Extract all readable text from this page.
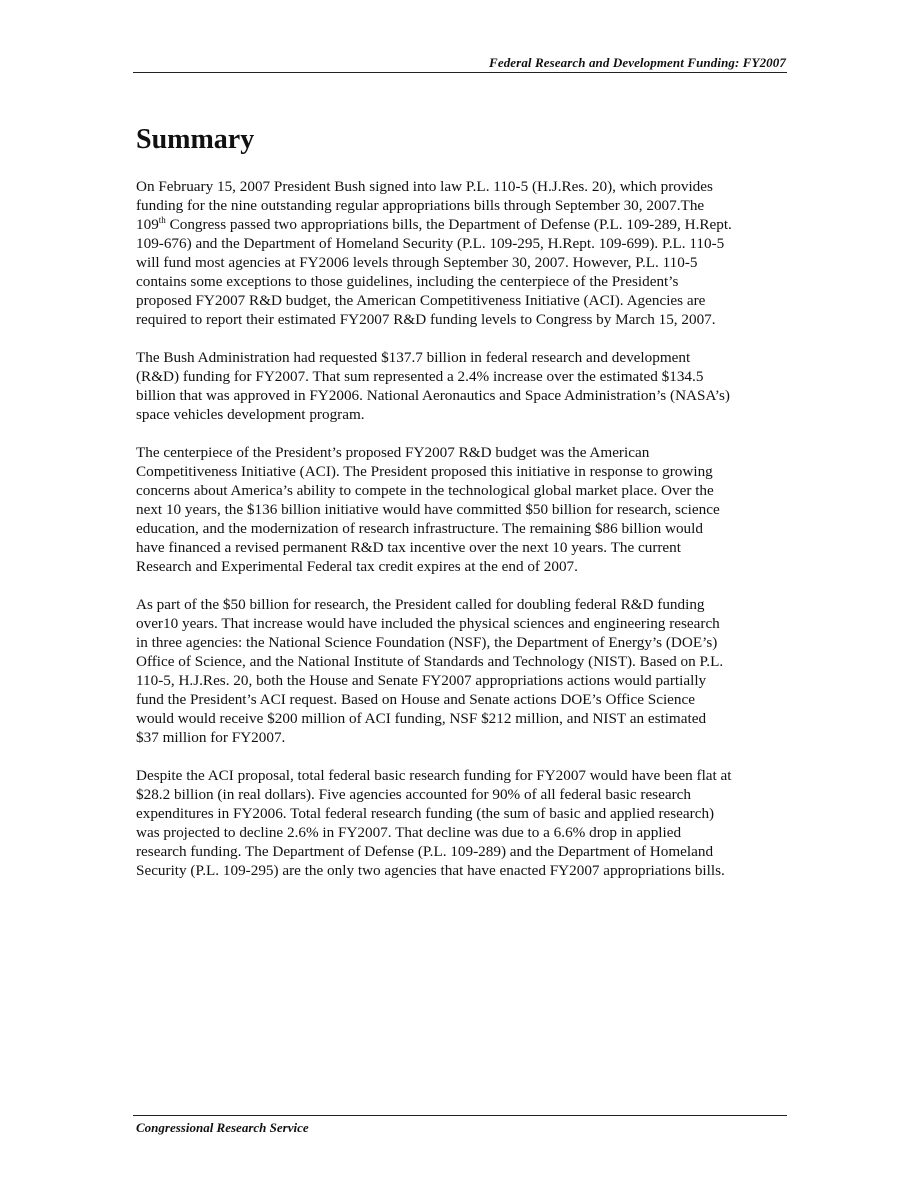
Federal Research and Development Funding: FY2007
Summary

On February 15, 2007 President Bush signed into law P.L. 110-5 (H.J.Res. 20), which provides
funding for the nine outstanding regular appropriations bills through September 30, 2007.The
109th Congress passed two appropriations bills, the Department of Defense (P.L. 109-289, H.Rept.
109-676) and the Department of Homeland Security (P.L. 109-295, H.Rept. 109-699). P.L. 110-5
will fund most agencies at FY2006 levels through September 30, 2007. However, P.L. 110-5
contains some exceptions to those guidelines, including the centerpiece of the President’s
proposed FY2007 R&D budget, the American Competitiveness Initiative (ACI). Agencies are
required to report their estimated FY2007 R&D funding levels to Congress by March 15, 2007.

The Bush Administration had requested $137.7 billion in federal research and development
(R&D) funding for FY2007. That sum represented a 2.4% increase over the estimated $134.5
billion that was approved in FY2006. National Aeronautics and Space Administration’s (NASA’s)
space vehicles development program.

The centerpiece of the President’s proposed FY2007 R&D budget was the American
Competitiveness Initiative (ACI). The President proposed this initiative in response to growing
concerns about America’s ability to compete in the technological global market place. Over the
next 10 years, the $136 billion initiative would have committed $50 billion for research, science
education, and the modernization of research infrastructure. The remaining $86 billion would
have financed a revised permanent R&D tax incentive over the next 10 years. The current
Research and Experimental Federal tax credit expires at the end of 2007.

As part of the $50 billion for research, the President called for doubling federal R&D funding
over10 years. That increase would have included the physical sciences and engineering research
in three agencies: the National Science Foundation (NSF), the Department of Energy’s (DOE’s)
Office of Science, and the National Institute of Standards and Technology (NIST). Based on P.L.
110-5, H.J.Res. 20, both the House and Senate FY2007 appropriations actions would partially
fund the President’s ACI request. Based on House and Senate actions DOE’s Office Science
would would receive $200 million of ACI funding, NSF $212 million, and NIST an estimated
$37 million for FY2007.

Despite the ACI proposal, total federal basic research funding for FY2007 would have been flat at
$28.2 billion (in real dollars). Five agencies accounted for 90% of all federal basic research
expenditures in FY2006. Total federal research funding (the sum of basic and applied research)
was projected to decline 2.6% in FY2007. That decline was due to a 6.6% drop in applied
research funding. The Department of Defense (P.L. 109-289) and the Department of Homeland
Security (P.L. 109-295) are the only two agencies that have enacted FY2007 appropriations bills.

Congressional Research Service
